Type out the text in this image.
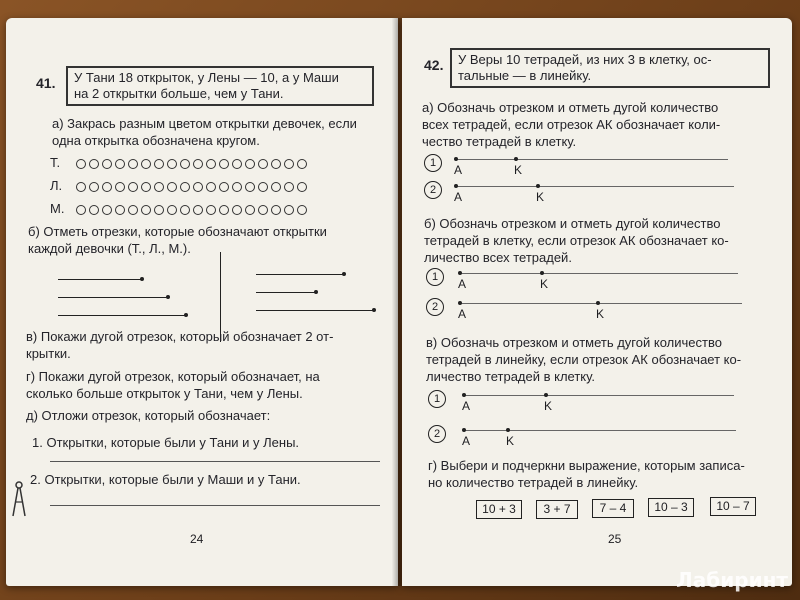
41. У Тани 18 открыток, у Лены — 10, а у Маши
на 2 открытки больше, чем у Тани.
а) Закрась разным цветом открытки девочек, если
одна открытка обозначена кругом.
Т.
Л.
М.
б) Отметь отрезки, которые обозначают открытки
каждой девочки (Т., Л., М.).
в) Покажи дугой отрезок, который обозначает 2 от-
крытки.
г) Покажи дугой отрезок, который обозначает, на
сколько больше открыток у Тани, чем у Лены.
д) Отложи отрезок, который обозначает:
1. Открытки, которые были у Тани и у Лены.
2. Открытки, которые были у Маши и у Тани.
24
42. У Веры 10 тетрадей, из них 3 в клетку, ос-
тальные — в линейку.
а) Обозначь отрезком и отметь дугой количество
всех тетрадей, если отрезок АК обозначает коли-
чество тетрадей в клетку.
1	A	K
2	A	K
б) Обозначь отрезком и отметь дугой количество
тетрадей в клетку, если отрезок АК обозначает ко-
личество всех тетрадей.
1	A	K
2	A	K
в) Обозначь отрезком и отметь дугой количество
тетрадей в линейку, если отрезок АК обозначает ко-
личество тетрадей в клетку.
1	A	K
2	A	K
г) Выбери и подчеркни выражение, которым записа-
но количество тетрадей в линейку.
10 + 3	3 + 7	7 – 4	10 – 3	10 – 7
25
Лабиринт
